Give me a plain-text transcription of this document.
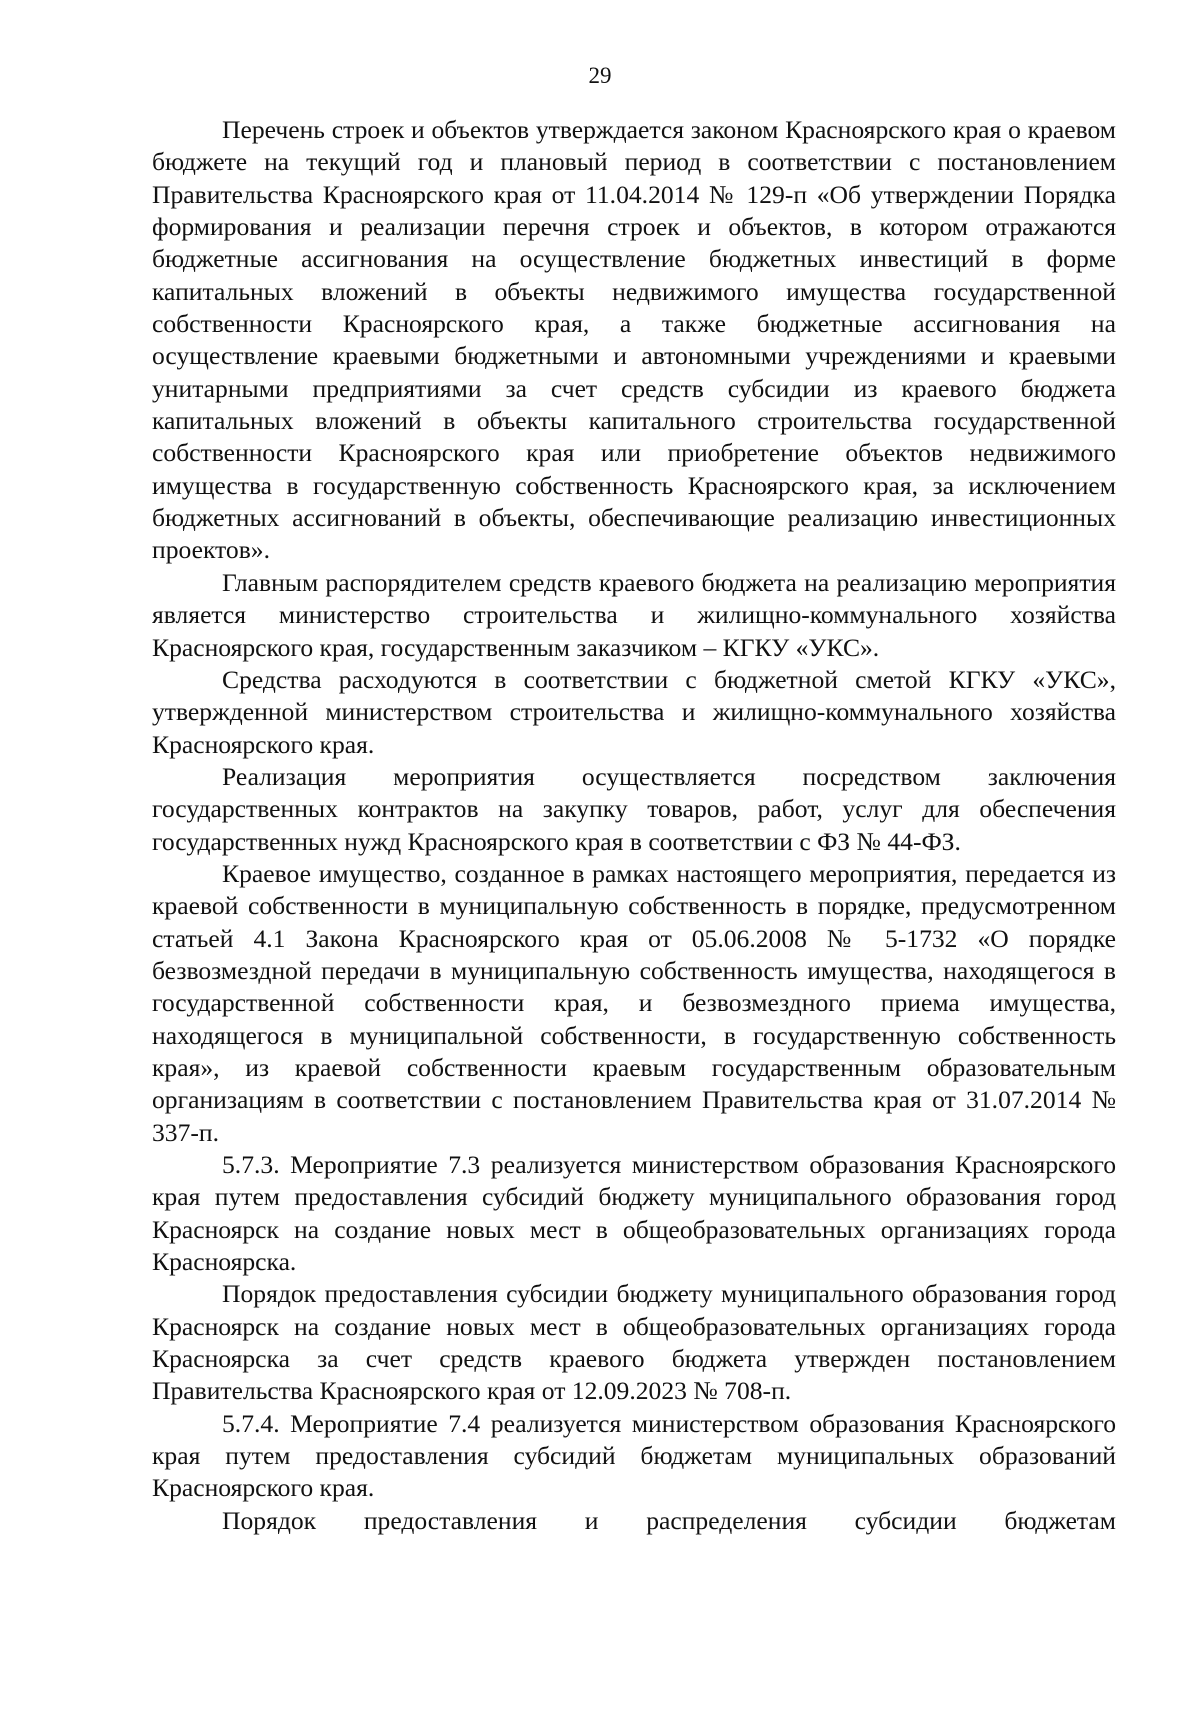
29

Перечень строек и объектов утверждается законом Красноярского края о краевом бюджете на текущий год и плановый период в соответствии с постановлением Правительства Красноярского края от 11.04.2014 № 129-п «Об утверждении Порядка формирования и реализации перечня строек и объектов, в котором отражаются бюджетные ассигнования на осуществление бюджетных инвестиций в форме капитальных вложений в объекты недвижимого имущества государственной собственности Красноярского края, а также бюджетные ассигнования на осуществление краевыми бюджетными и автономными учреждениями и краевыми унитарными предприятиями за счет средств субсидии из краевого бюджета капитальных вложений в объекты капитального строительства государственной собственности Красноярского края или приобретение объектов недвижимого имущества в государственную собственность Красноярского края, за исключением бюджетных ассигнований в объекты, обеспечивающие реализацию инвестиционных проектов».

Главным распорядителем средств краевого бюджета на реализацию мероприятия является министерство строительства и жилищно-коммунального хозяйства Красноярского края, государственным заказчиком – КГКУ «УКС».

Средства расходуются в соответствии с бюджетной сметой КГКУ «УКС», утвержденной министерством строительства и жилищно-коммунального хозяйства Красноярского края.

Реализация мероприятия осуществляется посредством заключения государственных контрактов на закупку товаров, работ, услуг для обеспечения государственных нужд Красноярского края в соответствии с ФЗ № 44-ФЗ.

Краевое имущество, созданное в рамках настоящего мероприятия, передается из краевой собственности в муниципальную собственность в порядке, предусмотренном статьей 4.1 Закона Красноярского края от 05.06.2008 № 5-1732 «О порядке безвозмездной передачи в муниципальную собственность имущества, находящегося в государственной собственности края, и безвозмездного приема имущества, находящегося в муниципальной собственности, в государственную собственность края», из краевой собственности краевым государственным образовательным организациям в соответствии с постановлением Правительства края от 31.07.2014 № 337-п.

5.7.3. Мероприятие 7.3 реализуется министерством образования Красноярского края путем предоставления субсидий бюджету муниципального образования город Красноярск на создание новых мест в общеобразовательных организациях города Красноярска.

Порядок предоставления субсидии бюджету муниципального образования город Красноярск на создание новых мест в общеобразовательных организациях города Красноярска за счет средств краевого бюджета утвержден постановлением Правительства Красноярского края от 12.09.2023 № 708-п.

5.7.4. Мероприятие 7.4 реализуется министерством образования Красноярского края путем предоставления субсидий бюджетам муниципальных образований Красноярского края.

Порядок предоставления и распределения субсидии бюджетам
